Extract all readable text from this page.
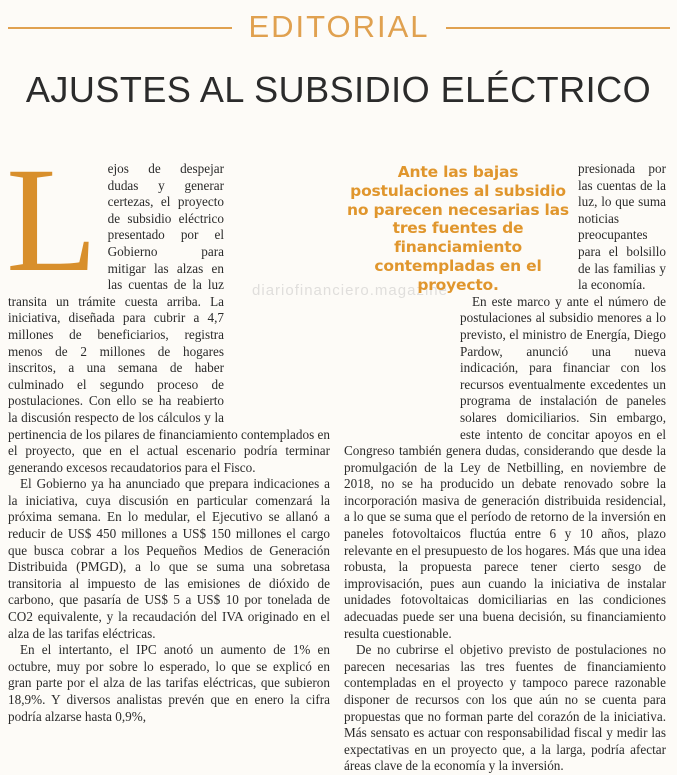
EDITORIAL
AJUSTES AL SUBSIDIO ELÉCTRICO
diariofinanciero.magazine
L ejos de despejar dudas y generar certezas, el proyecto de subsidio eléctrico presentado por el Gobierno para mitigar las alzas en las cuentas de la luz transita un trámite cuesta arriba. La iniciativa, diseñada para cubrir a 4,7 millones de beneficiarios, registra menos de 2 millones de hogares inscritos, a una semana de haber culminado el segundo proceso de postulaciones. Con ello se ha reabierto la discusión respecto de los cálculos y la pertinencia de los pilares de financiamiento contemplados en el proyecto, que en el actual escenario podría terminar generando excesos recaudatorios para el Fisco.

El Gobierno ya ha anunciado que prepara indicaciones a la iniciativa, cuya discusión en particular comenzará la próxima semana. En lo medular, el Ejecutivo se allanó a reducir de US$ 450 millones a US$ 150 millones el cargo que busca cobrar a los Pequeños Medios de Generación Distribuida (PMGD), a lo que se suma una sobretasa transitoria al impuesto de las emisiones de dióxido de carbono, que pasaría de US$ 5 a US$ 10 por tonelada de CO2 equivalente, y la recaudación del IVA originado en el alza de las tarifas eléctricas.

En el intertanto, el IPC anotó un aumento de 1% en octubre, muy por sobre lo esperado, lo que se explicó en gran parte por el alza de las tarifas eléctricas, que subieron 18,9%. Y diversos analistas prevén que en enero la cifra podría alzarse hasta 0,9%,

Ante las bajas postulaciones al subsidio no parecen necesarias las tres fuentes de financiamiento contempladas en el proyecto.

presionada por las cuentas de la luz, lo que suma noticias preocupantes para el bolsillo de las familias y la economía.

En este marco y ante el número de postulaciones al subsidio menores a lo previsto, el ministro de Energía, Diego Pardow, anunció una nueva indicación, para financiar con los recursos eventualmente excedentes un programa de instalación de paneles solares domiciliarios. Sin embargo, este intento de concitar apoyos en el Congreso también genera dudas, considerando que desde la promulgación de la Ley de Netbilling, en noviembre de 2018, no se ha producido un debate renovado sobre la incorporación masiva de generación distribuida residencial, a lo que se suma que el período de retorno de la inversión en paneles fotovoltaicos fluctúa entre 6 y 10 años, plazo relevante en el presupuesto de los hogares. Más que una idea robusta, la propuesta parece tener cierto sesgo de improvisación, pues aun cuando la iniciativa de instalar unidades fotovoltaicas domiciliarias en las condiciones adecuadas puede ser una buena decisión, su financiamiento resulta cuestionable.

De no cubrirse el objetivo previsto de postulaciones no parecen necesarias las tres fuentes de financiamiento contempladas en el proyecto y tampoco parece razonable disponer de recursos con los que aún no se cuenta para propuestas que no forman parte del corazón de la iniciativa. Más sensato es actuar con responsabilidad fiscal y medir las expectativas en un proyecto que, a la larga, podría afectar áreas clave de la economía y la inversión.
